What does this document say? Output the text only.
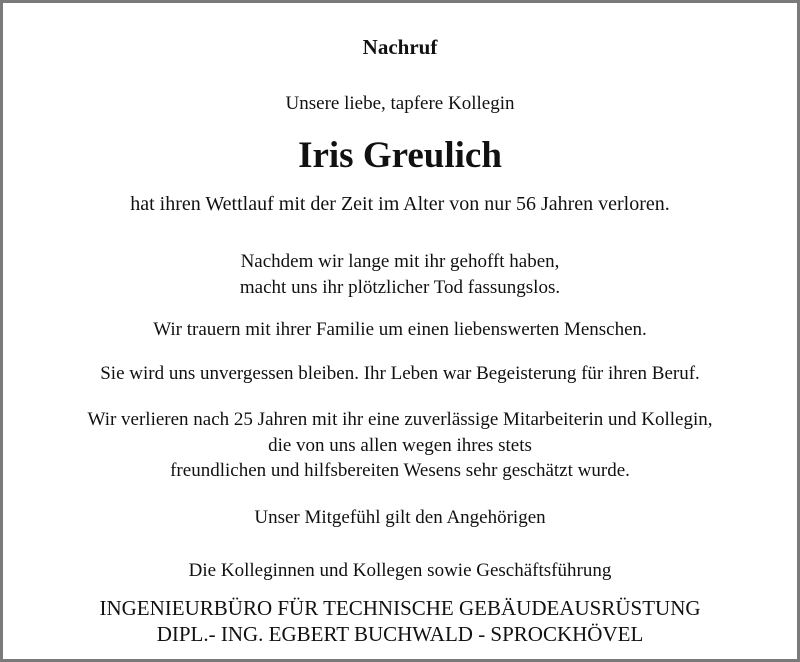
Nachruf
Unsere liebe, tapfere Kollegin
Iris Greulich
hat ihren Wettlauf mit der Zeit im Alter von nur 56 Jahren verloren.
Nachdem wir lange mit ihr gehofft haben,
macht uns ihr plötzlicher Tod fassungslos.
Wir trauern mit ihrer Familie um einen liebenswerten Menschen.
Sie wird uns unvergessen bleiben. Ihr Leben war Begeisterung für ihren Beruf.
Wir verlieren nach 25 Jahren mit ihr eine zuverlässige Mitarbeiterin und Kollegin,
die von uns allen wegen ihres stets
freundlichen und hilfsbereiten Wesens sehr geschätzt wurde.
Unser Mitgefühl gilt den Angehörigen
Die Kolleginnen und Kollegen sowie Geschäftsführung
INGENIEURBÜRO FÜR TECHNISCHE GEBÄUDEAUSRÜSTUNG
DIPL.- ING. EGBERT BUCHWALD - SPROCKHÖVEL
